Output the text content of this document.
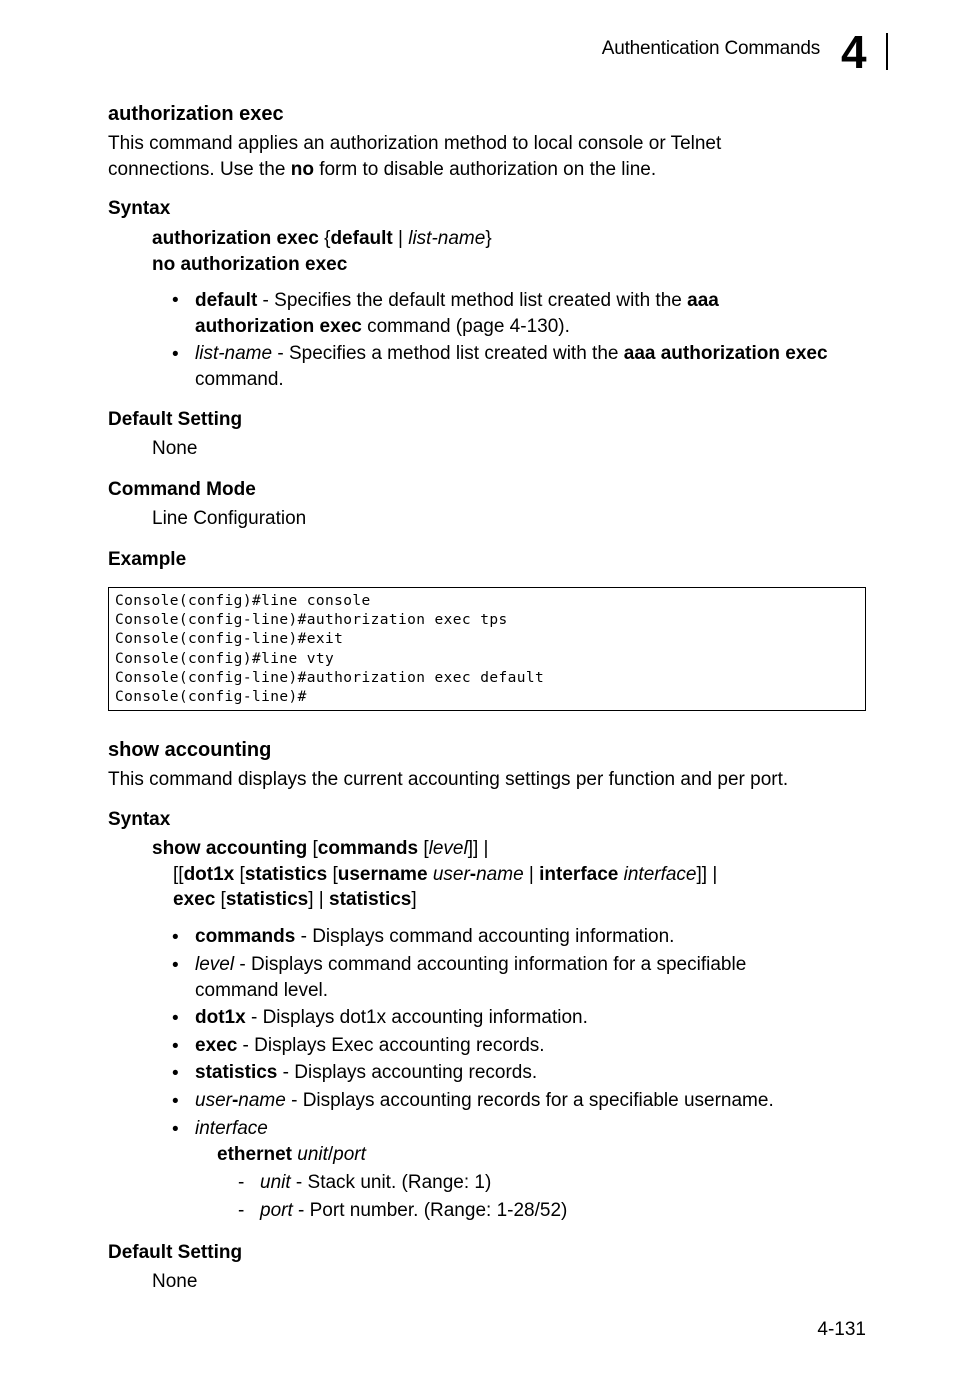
Authentication Commands 4
authorization exec

This command applies an authorization method to local console or Telnet
connections. Use the no form to disable authorization on the line.

Syntax
authorization exec {default | list-name}
no authorization exec
• default - Specifies the default method list created with the aaa
authorization exec command (page 4-130).
• list-name - Specifies a method list created with the aaa authorization exec
command.
Default Setting
None
Command Mode
Line Configuration
Example
Console(config)#line console
Console(config-line)#authorization exec tps
Console(config-line)#exit
Console(config)#line vty
Console(config-line)#authorization exec default
Console(config-line)#
show accounting

This command displays the current accounting settings per function and per port.

Syntax
show accounting [commands [level]] |
[[dot1x [statistics [username user-name | interface interface]] |
exec [statistics] | statistics]
• commands - Displays command accounting information.
• level - Displays command accounting information for a specifiable
command level.
• dot1x - Displays dot1x accounting information.
• exec - Displays Exec accounting records.
• statistics - Displays accounting records.
• user-name - Displays accounting records for a specifiable username.
• interface
ethernet unit/port
- unit - Stack unit. (Range: 1)
- port - Port number. (Range: 1-28/52)
Default Setting
None
4-131
